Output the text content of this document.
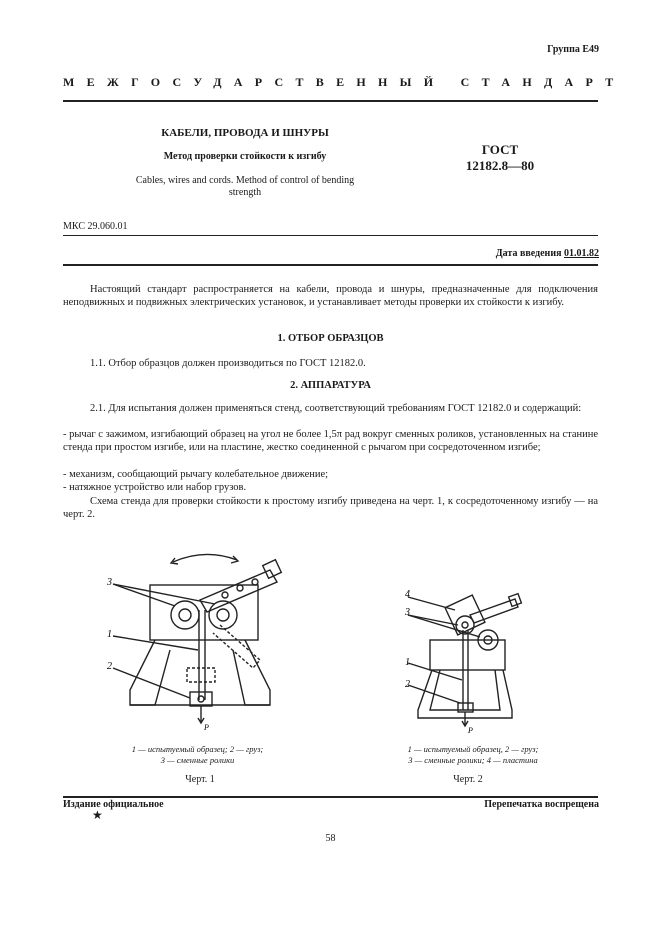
Группа Е49
МЕЖГОСУДАРСТВЕННЫЙ СТАНДАРТ
КАБЕЛИ, ПРОВОДА И ШНУРЫ
Метод проверки стойкости к изгибу
Cables, wires and cords. Method of control of bending strength
ГОСТ
12182.8—80
МКС 29.060.01
Дата введения 01.01.82
Настоящий стандарт распространяется на кабели, провода и шнуры, предназначенные для подключения неподвижных и подвижных электрических установок, и устанавливает методы проверки их стойкости к изгибу.
1. ОТБОР ОБРАЗЦОВ
1.1. Отбор образцов должен производиться по ГОСТ 12182.0.
2. АППАРАТУРА
2.1. Для испытания должен применяться стенд, соответствующий требованиям ГОСТ 12182.0 и содержащий:
- рычаг с зажимом, изгибающий образец на угол не более 1,5π рад вокруг сменных роликов, установленных на станине стенда при простом изгибе, или на пластине, жестко соединенной с рычагом при сосредоточенном изгибе;
- механизм, сообщающий рычагу колебательное движение;
- натяжное устройство или набор грузов.
Схема стенда для проверки стойкости к простому изгибу приведена на черт. 1, к сосредоточенному изгибу — на черт. 2.
3
1
2
P
4
3
1
2
P
1 — испытуемый образец; 2 — груз;
3 — сменные ролики
Черт. 1
1 — испытуемый образец, 2 — груз;
3 — сменные ролики; 4 — пластина
Черт. 2
Издание официальное
★
Перепечатка воспрещена
58
